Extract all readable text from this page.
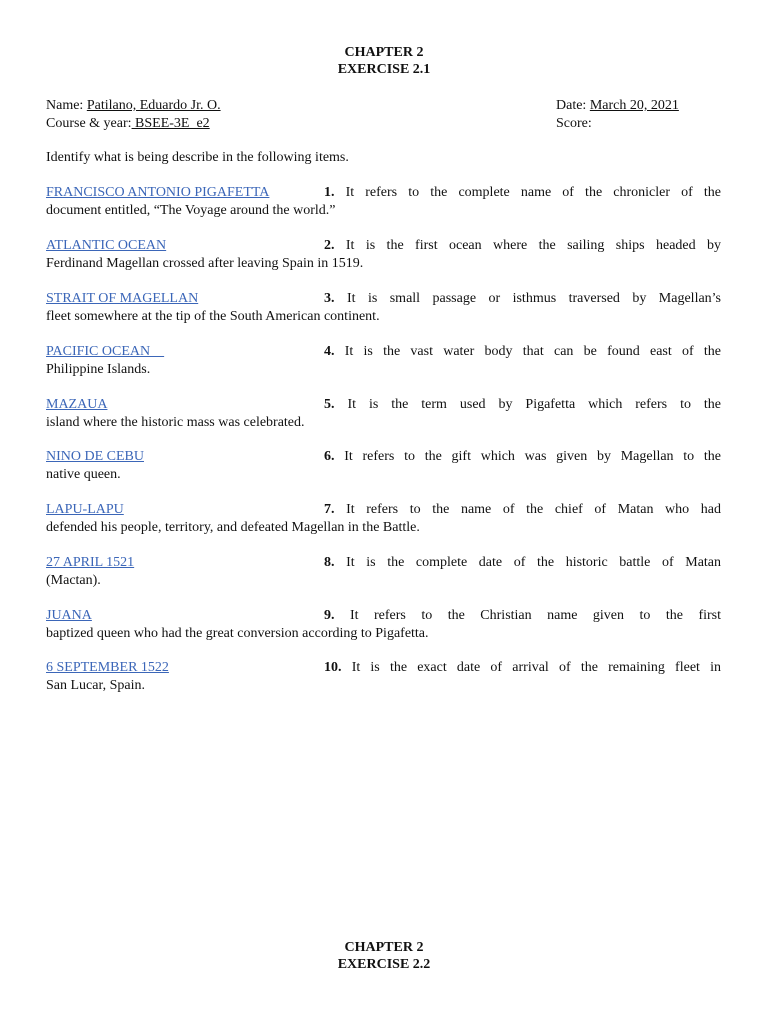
CHAPTER 2
EXERCISE 2.1
Name: Patilano, Eduardo Jr. O.	Date: March 20, 2021
Course & year: BSEE-3E  e2	Score:
Identify what is being describe in the following items.
FRANCISCO ANTONIO PIGAFETTA	1. It refers to the complete name of the chronicler of the
document entitled, “The Voyage around the world.”
ATLANTIC OCEAN	2. It is the first ocean where the sailing ships headed by
Ferdinand Magellan crossed after leaving Spain in 1519.
STRAIT OF MAGELLAN	3. It is small passage or isthmus traversed by Magellan’s
fleet somewhere at the tip of the South American continent.
PACIFIC OCEAN	4. It is the vast water body that can be found east of the
Philippine Islands.
MAZAUA	5. It is the term used by Pigafetta which refers to the
island where the historic mass was celebrated.
NINO DE CEBU	6. It refers to the gift which was given by Magellan to the
native queen.
LAPU-LAPU	7. It refers to the name of the chief of Matan who had
defended his people, territory, and defeated Magellan in the Battle.
27 APRIL 1521	8. It is the complete date of the historic battle of Matan
(Mactan).
JUANA	9. It refers to the Christian name given to the first
baptized queen who had the great conversion according to Pigafetta.
6 SEPTEMBER 1522	10. It is the exact date of arrival of the remaining fleet in
San Lucar, Spain.
CHAPTER 2
EXERCISE 2.2
